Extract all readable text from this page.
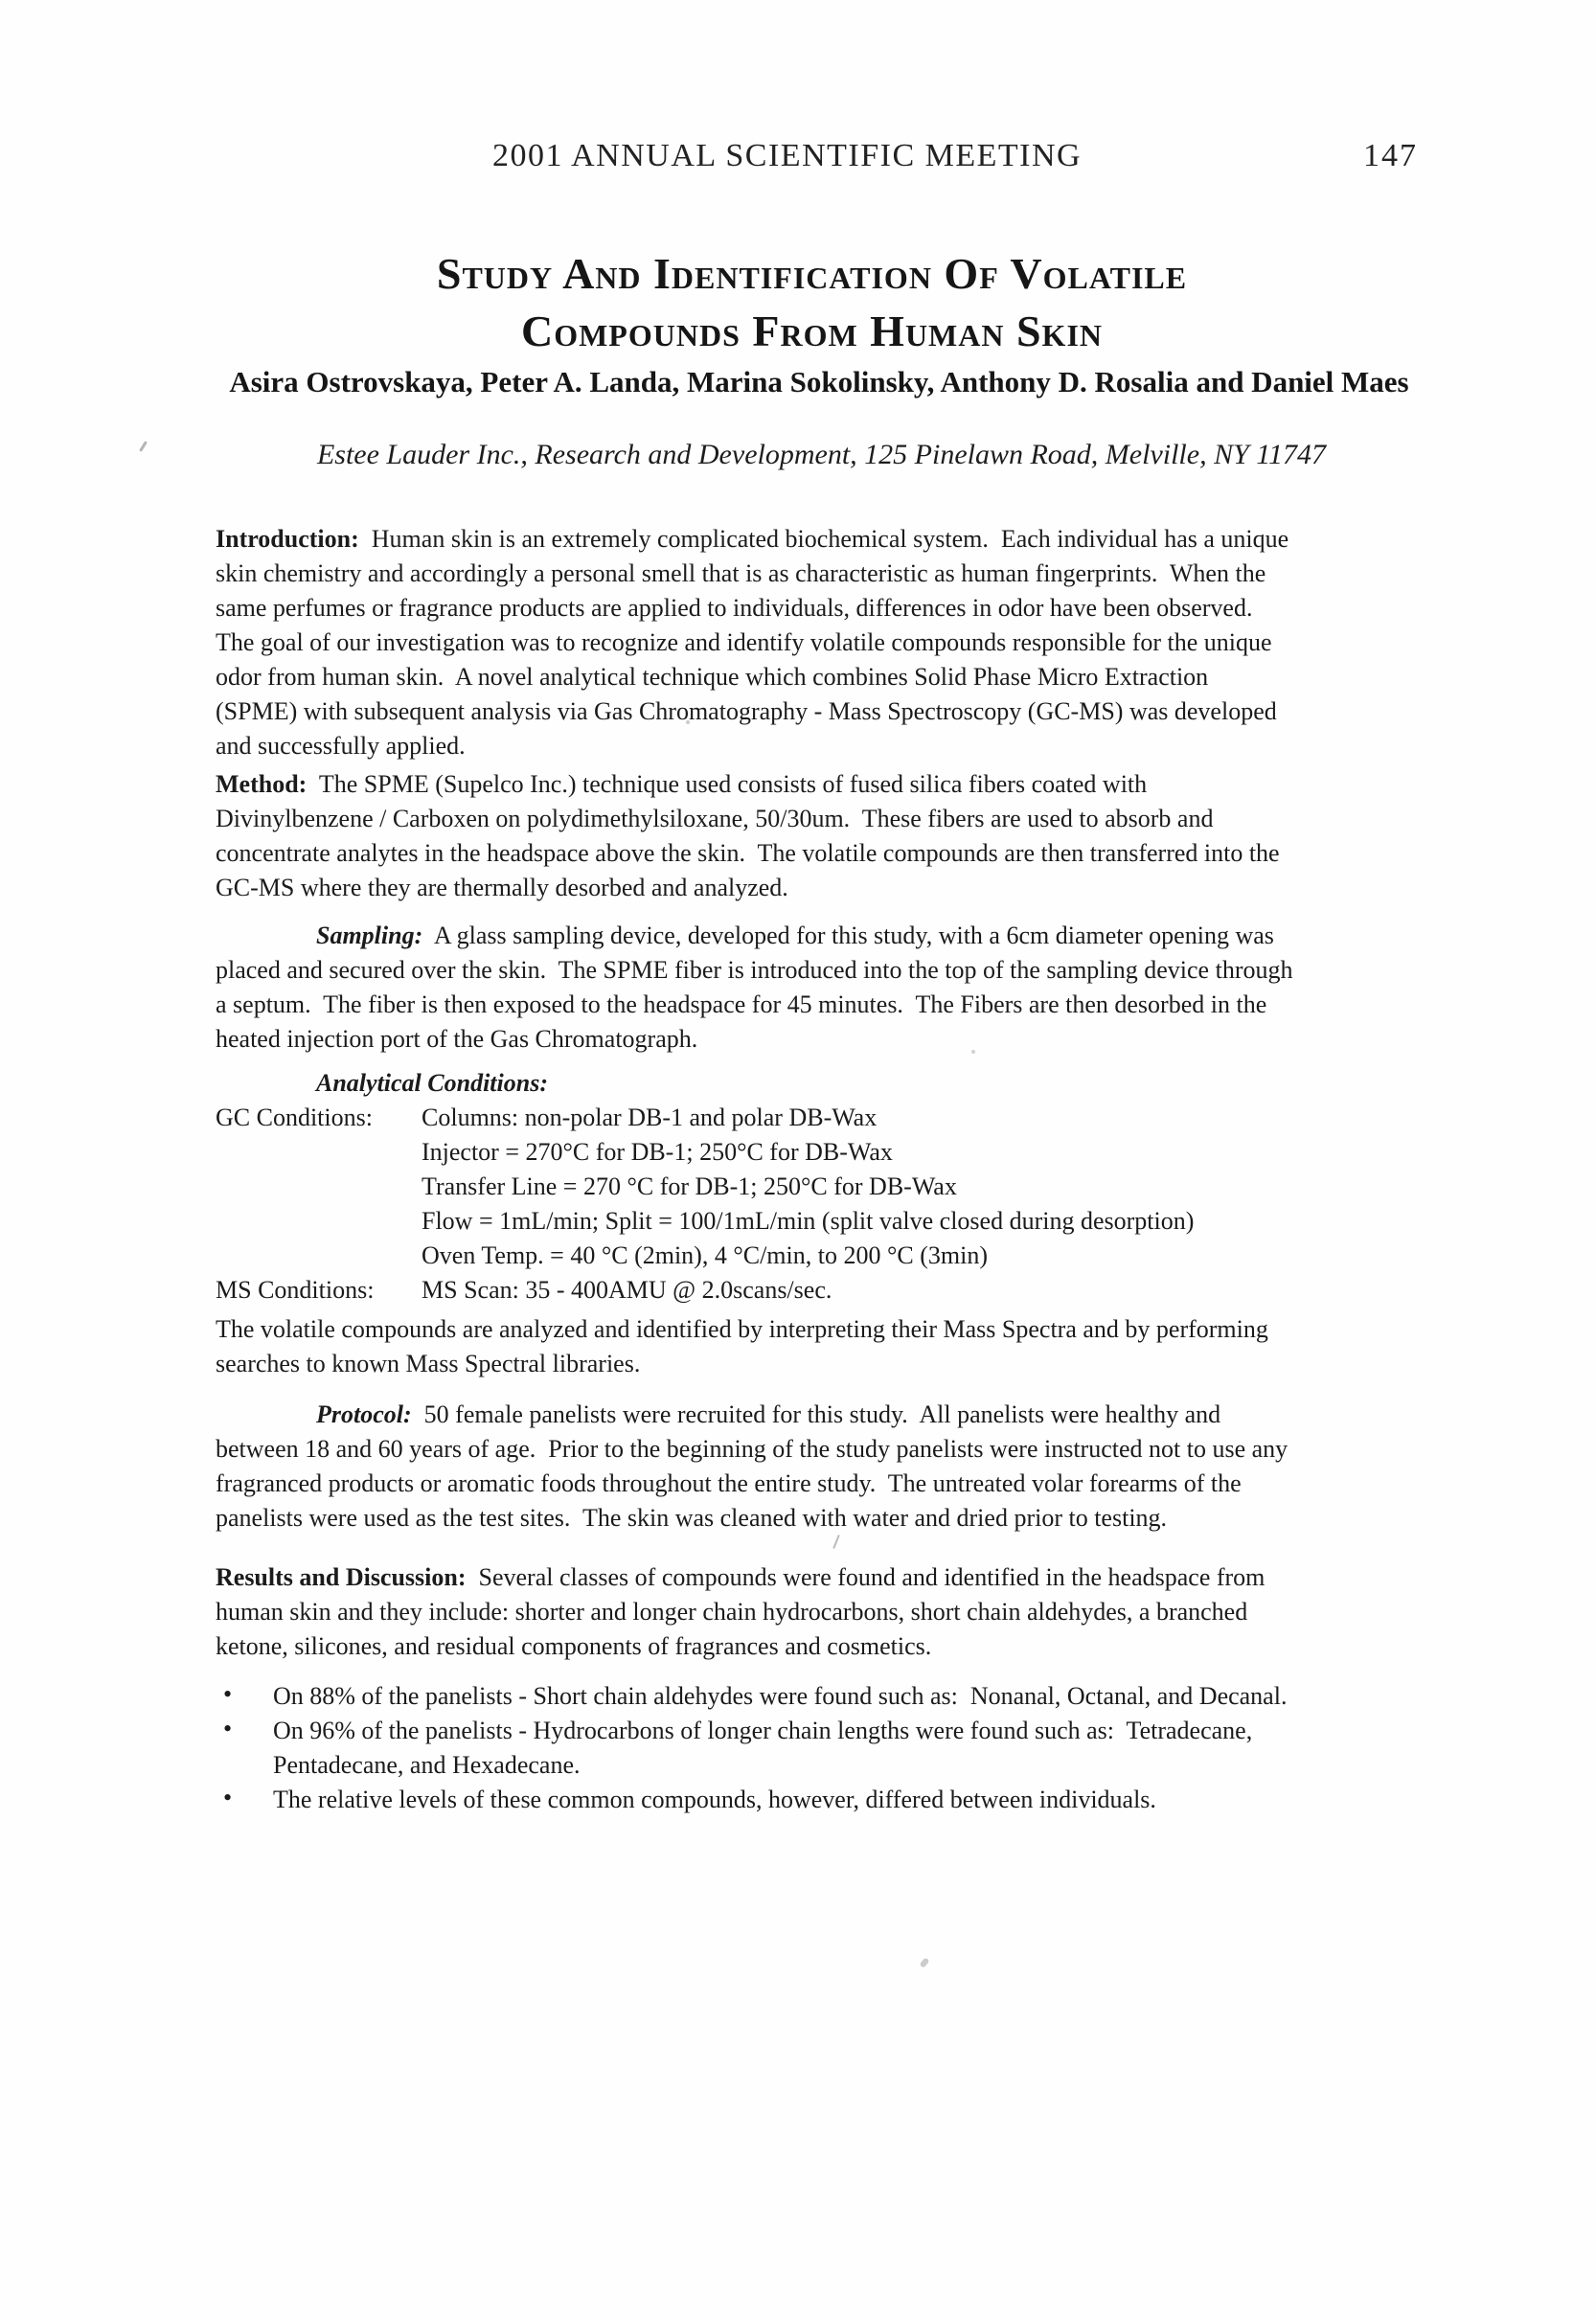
2001 ANNUAL SCIENTIFIC MEETING	147
Study And Identification Of Volatile
Compounds From Human Skin
Asira Ostrovskaya, Peter A. Landa, Marina Sokolinsky, Anthony D. Rosalia and Daniel Maes
Estee Lauder Inc., Research and Development, 125 Pinelawn Road, Melville, NY 11747
Introduction:  Human skin is an extremely complicated biochemical system.  Each individual has a unique
skin chemistry and accordingly a personal smell that is as characteristic as human fingerprints.  When the
same perfumes or fragrance products are applied to individuals, differences in odor have been observed.
The goal of our investigation was to recognize and identify volatile compounds responsible for the unique
odor from human skin.  A novel analytical technique which combines Solid Phase Micro Extraction
(SPME) with subsequent analysis via Gas Chromatography - Mass Spectroscopy (GC-MS) was developed
and successfully applied.
Method:  The SPME (Supelco Inc.) technique used consists of fused silica fibers coated with
Divinylbenzene / Carboxen on polydimethylsiloxane, 50/30um.  These fibers are used to absorb and
concentrate analytes in the headspace above the skin.  The volatile compounds are then transferred into the
GC-MS where they are thermally desorbed and analyzed.
Sampling:  A glass sampling device, developed for this study, with a 6cm diameter opening was
placed and secured over the skin.  The SPME fiber is introduced into the top of the sampling device through
a septum.  The fiber is then exposed to the headspace for 45 minutes.  The Fibers are then desorbed in the
heated injection port of the Gas Chromatograph.
Analytical Conditions:
GC Conditions:	Columns: non-polar DB-1 and polar DB-Wax
Injector = 270°C for DB-1; 250°C for DB-Wax
Transfer Line = 270 °C for DB-1; 250°C for DB-Wax
Flow = 1mL/min; Split = 100/1mL/min (split valve closed during desorption)
Oven Temp. = 40 °C (2min), 4 °C/min, to 200 °C (3min)
MS Conditions:	MS Scan: 35 - 400AMU @ 2.0scans/sec.
The volatile compounds are analyzed and identified by interpreting their Mass Spectra and by performing
searches to known Mass Spectral libraries.
Protocol:  50 female panelists were recruited for this study.  All panelists were healthy and
between 18 and 60 years of age.  Prior to the beginning of the study panelists were instructed not to use any
fragranced products or aromatic foods throughout the entire study.  The untreated volar forearms of the
panelists were used as the test sites.  The skin was cleaned with water and dried prior to testing.
Results and Discussion:  Several classes of compounds were found and identified in the headspace from
human skin and they include: shorter and longer chain hydrocarbons, short chain aldehydes, a branched
ketone, silicones, and residual components of fragrances and cosmetics.
• On 88% of the panelists - Short chain aldehydes were found such as:  Nonanal, Octanal, and Decanal.
• On 96% of the panelists - Hydrocarbons of longer chain lengths were found such as:  Tetradecane,
Pentadecane, and Hexadecane.
• The relative levels of these common compounds, however, differed between individuals.
